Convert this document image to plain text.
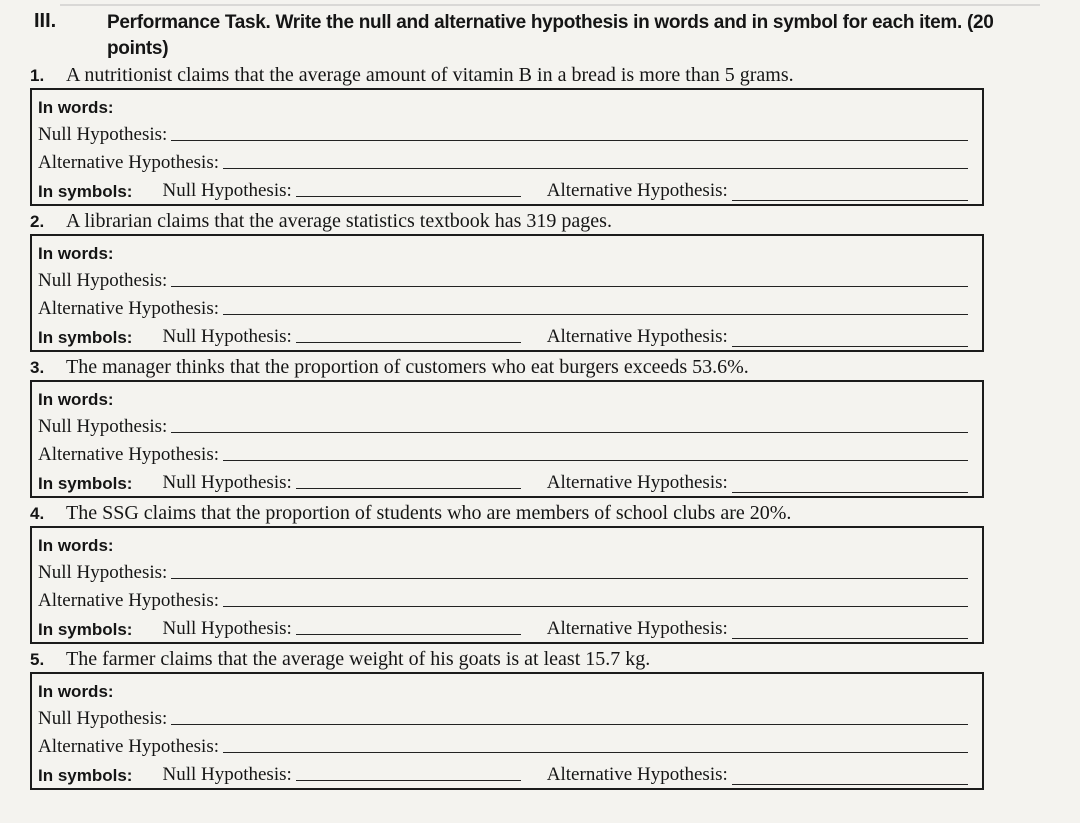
III.	Performance Task. Write the null and alternative hypothesis in words and in symbol for each item. (20 points)
1. A nutritionist claims that the average amount of vitamin B in a bread is more than 5 grams.
In words:
Null Hypothesis:
Alternative Hypothesis:
In symbols: Null Hypothesis:	Alternative Hypothesis:
2. A librarian claims that the average statistics textbook has 319 pages.
In words:
Null Hypothesis:
Alternative Hypothesis:
In symbols: Null Hypothesis:	Alternative Hypothesis:
3. The manager thinks that the proportion of customers who eat burgers exceeds 53.6%.
In words:
Null Hypothesis:
Alternative Hypothesis:
In symbols: Null Hypothesis:	Alternative Hypothesis:
4. The SSG claims that the proportion of students who are members of school clubs are 20%.
In words:
Null Hypothesis:
Alternative Hypothesis:
In symbols: Null Hypothesis:	Alternative Hypothesis:
5. The farmer claims that the average weight of his goats is at least 15.7 kg.
In words:
Null Hypothesis:
Alternative Hypothesis:
In symbols: Null Hypothesis:	Alternative Hypothesis:
